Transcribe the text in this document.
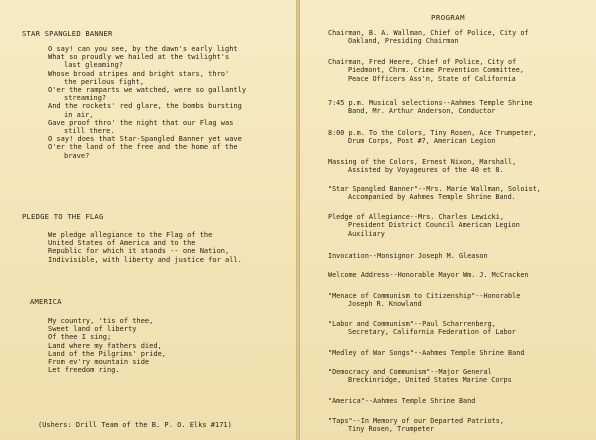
STAR SPANGLED BANNER
O say! can you see, by the dawn's early light
What so proudly we hailed at the twilight's
last gleaming?
Whose broad stripes and bright stars, thro'
the perilous fight,
O'er the ramparts we watched, were so gallantly
streaming?
And the rockets' red glare, the bombs bursting
in air,
Gave proof thro' the night that our Flag was
still there.
O say! does that Star-Spangled Banner yet wave
O'er the land of the free and the home of the
brave?
PLEDGE TO THE FLAG
We pledge allegiance to the Flag of the
United States of America and to the
Republic for which it stands -- one Nation,
Indivisible, with liberty and justice for all.
AMERICA
My country, 'tis of thee,
Sweet land of liberty
Of thee I sing;
Land where my fathers died,
Land of the Pilgrims' pride,
From ev'ry mountain side
Let freedom ring.
(Ushers: Drill Team of the B. P. O. Elks #171)
PROGRAM
Chairman, B. A. Wallman, Chief of Police, City of
Oakland, Presiding Chairman
Chairman, Fred Heere, Chief of Police, City of
Piedmont, Chrm. Crime Prevention Committee,
Peace Officers Ass'n, State of California
7:45 p.m. Musical selections--Aahmes Temple Shrine
Band, Mr. Arthur Anderson, Conductor
8:00 p.m. To the Colors, Tiny Rosen, Ace Trumpeter,
Drum Corps, Post #7, American Legion
Massing of the Colors, Ernest Nixon, Marshall,
Assisted by Voyageures of the 40 et 8.
"Star Spangled Banner"--Mrs. Marie Wallman, Soloist,
Accompanied by Aahmes Temple Shrine Band.
Pledge of Allegiance--Mrs. Charles Lewicki,
President District Council American Legion
Auxiliary
Invocation--Monsignor Joseph M. Gleason
Welcome Address--Honorable Mayor Wm. J. McCracken
"Menace of Communism to Citizenship"--Honorable
Joseph R. Knowland
"Labor and Communism"--Paul Scharrenberg,
Secretary, California Federation of Labor
"Medley of War Songs"--Aahmes Temple Shrine Band
"Democracy and Communism"--Major General
Breckinridge, United States Marine Corps
"America"--Aahmes Temple Shrine Band
"Taps"--In Memory of our Departed Patriots,
Tiny Rosen, Trumpeter
